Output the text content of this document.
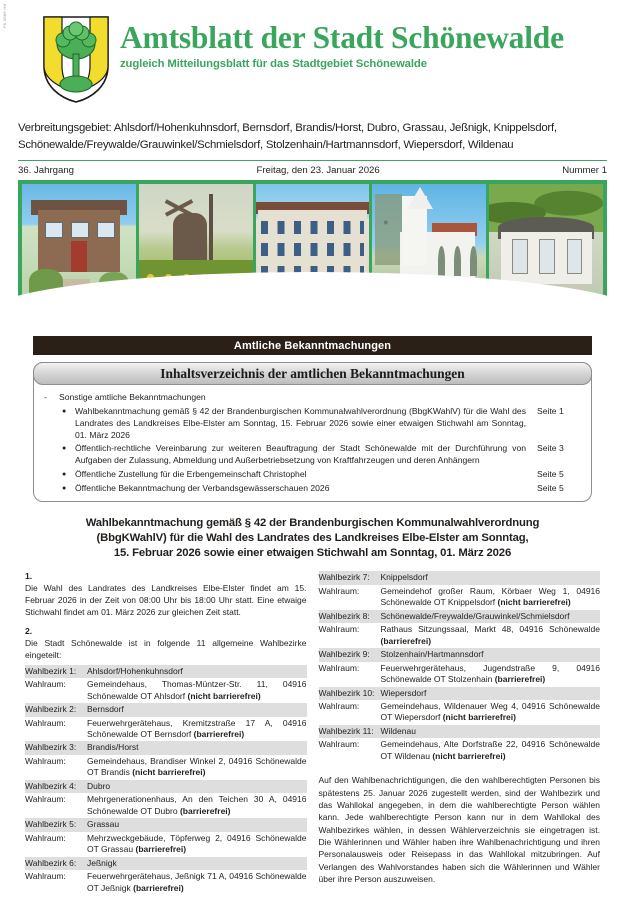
PA 0886 HH
Amtsblatt der Stadt Schönewalde
zugleich Mitteilungsblatt für das Stadtgebiet Schönewalde
Verbreitungsgebiet: Ahlsdorf/Hohenkuhnsdorf, Bernsdorf, Brandis/Horst, Dubro, Grassau, Jeßnigk, Knippelsdorf,
Schönewalde/Freywalde/Grauwinkel/Schmielsdorf, Stolzenhain/Hartmannsdorf, Wiepersdorf, Wildenau
36. Jahrgang	Freitag, den 23. Januar 2026	Nummer 1
Amtliche Bekanntmachungen
Inhaltsverzeichnis der amtlichen Bekanntmachungen
-	Sonstige amtliche Bekanntmachungen
● Wahlbekanntmachung gemäß § 42 der Brandenburgischen Kommunalwahlverordnung (BbgKWahlV) für die Wahl des Landrates des Landkreises Elbe-Elster am Sonntag, 15. Februar 2026 sowie einer etwaigen Stichwahl am Sonntag, 01. März 2026
Seite 1
● Öffentlich-rechtliche Vereinbarung zur weiteren Beauftragung der Stadt Schönewalde mit der Durchführung von Aufgaben der Zulassung, Abmeldung und Außerbetriebsetzung von Kraftfahrzeugen und deren Anhängern
Seite 3
● Öffentliche Zustellung für die Erbengemeinschaft Christophel	Seite 5
● Öffentliche Bekanntmachung der Verbandsgewässerschauen 2026	Seite 5
Wahlbekanntmachung gemäß § 42 der Brandenburgischen Kommunalwahlverordnung
(BbgKWahlV) für die Wahl des Landrates des Landkreises Elbe-Elster am Sonntag,
15. Februar 2026 sowie einer etwaigen Stichwahl am Sonntag, 01. März 2026
1.
Die Wahl des Landrates des Landkreises Elbe-Elster findet am 15. Februar 2026 in der Zeit von 08:00 Uhr bis 18:00 Uhr statt. Eine etwaige Stichwahl findet am 01. März 2026 zur gleichen Zeit statt.
2.
Die Stadt Schönewalde ist in folgende 11 allgemeine Wahlbezirke eingeteilt:
Wahlbezirk 1:	Ahlsdorf/Hohenkuhnsdorf
Wahlraum:	Gemeindehaus, Thomas-Müntzer-Str. 11, 04916 Schönewalde OT Ahlsdorf (nicht barrierefrei)
Wahlbezirk 2:	Bernsdorf
Wahlraum:	Feuerwehrgerätehaus, Kremitzstraße 17 A, 04916 Schönewalde OT Bernsdorf (barrierefrei)
Wahlbezirk 3:	Brandis/Horst
Wahlraum:	Gemeindehaus, Brandiser Winkel 2, 04916 Schönewalde OT Brandis (nicht barrierefrei)
Wahlbezirk 4:	Dubro
Wahlraum:	Mehrgenerationenhaus, An den Teichen 30 A, 04916 Schönewalde OT Dubro (barrierefrei)
Wahlbezirk 5:	Grassau
Wahlraum:	Mehrzweckgebäude, Töpferweg 2, 04916 Schönewalde OT Grassau (barrierefrei)
Wahlbezirk 6:	Jeßnigk
Wahlraum:	Feuerwehrgerätehaus, Jeßnigk 71 A, 04916 Schönewalde OT Jeßnigk (barrierefrei)
Wahlbezirk 7:	Knippelsdorf
Wahlraum:	Gemeindehof großer Raum, Körbaer Weg 1, 04916 Schönewalde OT Knippelsdorf (nicht barrierefrei)
Wahlbezirk 8:	Schönewalde/Freywalde/Grauwinkel/Schmielsdorf
Wahlraum:	Rathaus Sitzungssaal, Markt 48, 04916 Schönewalde (barrierefrei)
Wahlbezirk 9:	Stolzenhain/Hartmannsdorf
Wahlraum:	Feuerwehrgerätehaus, Jugendstraße 9, 04916 Schönewalde OT Stolzenhain (barrierefrei)
Wahlbezirk 10:	Wiepersdorf
Wahlraum:	Gemeindehaus, Wildenauer Weg 4, 04916 Schönewalde OT Wiepersdorf (nicht barrierefrei)
Wahlbezirk 11:	Wildenau
Wahlraum:	Gemeindehaus, Alte Dorfstraße 22, 04916 Schönewalde OT Wildenau (nicht barrierefrei)
Auf den Wahlbenachrichtigungen, die den wahlberechtigten Personen bis spätestens 25. Januar 2026 zugestellt werden, sind der Wahlbezirk und das Wahllokal angegeben, in dem die wahlberechtigte Person wählen kann. Jede wahlberechtigte Person kann nur in dem Wahllokal des Wahlbezirkes wählen, in dessen Wählerverzeichnis sie eingetragen ist. Die Wählerinnen und Wähler haben ihre Wahlbenachrichtigung und ihren Personalausweis oder Reisepass in das Wahllokal mitzubringen. Auf Verlangen des Wahlvorstandes haben sich die Wählerinnen und Wähler über ihre Person auszuweisen.
